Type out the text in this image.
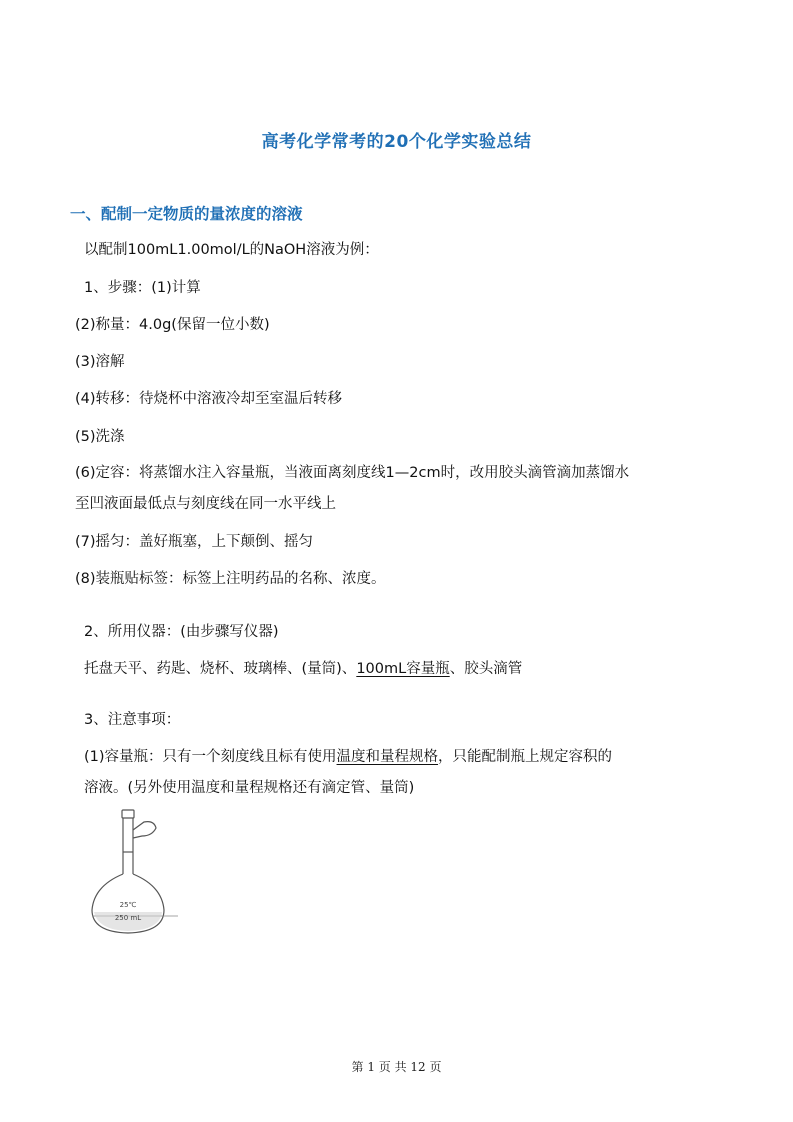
高考化学常考的20个化学实验总结
一、配制一定物质的量浓度的溶液
以配制100mL1.00mol/L的NaOH溶液为例：
1、步骤：(1)计算
(2)称量：4.0g(保留一位小数)
(3)溶解
(4)转移：待烧杯中溶液冷却至室温后转移
(5)洗涤
(6)定容：将蒸馏水注入容量瓶，当液面离刻度线1—2cm时，改用胶头滴管滴加蒸馏水
至凹液面最低点与刻度线在同一水平线上
(7)摇匀：盖好瓶塞，上下颠倒、摇匀
(8)装瓶贴标签：标签上注明药品的名称、浓度。
2、所用仪器：(由步骤写仪器)
托盘天平、药匙、烧杯、玻璃棒、(量筒)、100mL容量瓶、胶头滴管
3、注意事项：
(1)容量瓶：只有一个刻度线且标有使用温度和量程规格，只能配制瓶上规定容积的
溶液。(另外使用温度和量程规格还有滴定管、量筒)
25℃
250 mL
第 1 页 共 12 页
